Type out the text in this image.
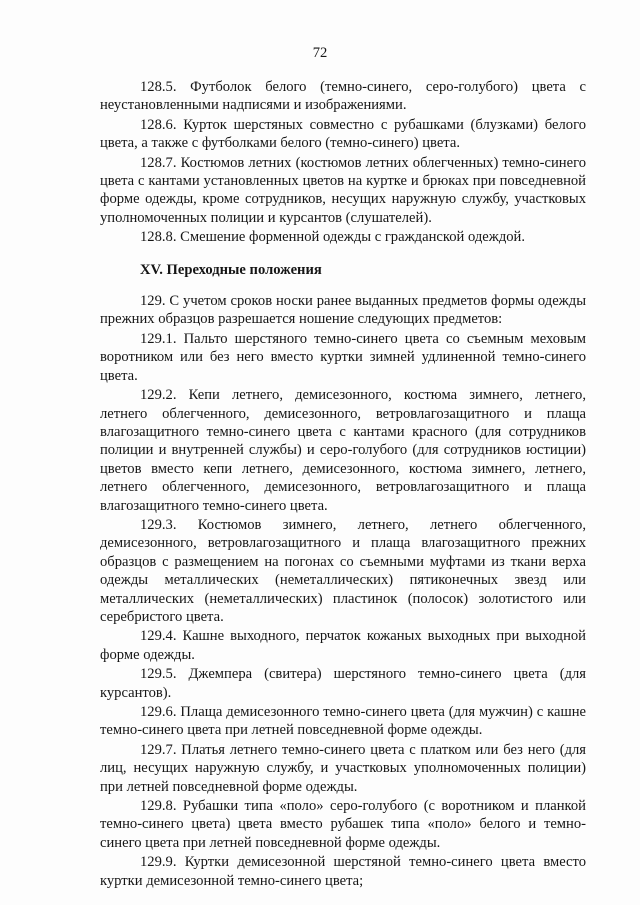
72

128.5. Футболок белого (темно-синего, серо-голубого) цвета с неустановленными надписями и изображениями.

128.6. Курток шерстяных совместно с рубашками (блузками) белого цвета, а также с футболками белого (темно-синего) цвета.

128.7. Костюмов летних (костюмов летних облегченных) темно-синего цвета с кантами установленных цветов на куртке и брюках при повседневной форме одежды, кроме сотрудников, несущих наружную службу, участковых уполномоченных полиции и курсантов (слушателей).

128.8. Смешение форменной одежды с гражданской одеждой.

XV. Переходные положения

129. С учетом сроков носки ранее выданных предметов формы одежды прежних образцов разрешается ношение следующих предметов:

129.1. Пальто шерстяного темно-синего цвета со съемным меховым воротником или без него вместо куртки зимней удлиненной темно-синего цвета.

129.2. Кепи летнего, демисезонного, костюма зимнего, летнего, летнего облегченного, демисезонного, ветровлагозащитного и плаща влагозащитного темно-синего цвета с кантами красного (для сотрудников полиции и внутренней службы) и серо-голубого (для сотрудников юстиции) цветов вместо кепи летнего, демисезонного, костюма зимнего, летнего, летнего облегченного, демисезонного, ветровлагозащитного и плаща влагозащитного темно-синего цвета.

129.3. Костюмов зимнего, летнего, летнего облегченного, демисезонного, ветровлагозащитного и плаща влагозащитного прежних образцов с размещением на погонах со съемными муфтами из ткани верха одежды металлических (неметаллических) пятиконечных звезд или металлических (неметаллических) пластинок (полосок) золотистого или серебристого цвета.

129.4. Кашне выходного, перчаток кожаных выходных при выходной форме одежды.

129.5. Джемпера (свитера) шерстяного темно-синего цвета (для курсантов).

129.6. Плаща демисезонного темно-синего цвета (для мужчин) с кашне темно-синего цвета при летней повседневной форме одежды.

129.7. Платья летнего темно-синего цвета с платком или без него (для лиц, несущих наружную службу, и участковых уполномоченных полиции) при летней повседневной форме одежды.

129.8. Рубашки типа «поло» серо-голубого (с воротником и планкой темно-синего цвета) цвета вместо рубашек типа «поло» белого и темно-синего цвета при летней повседневной форме одежды.

129.9. Куртки демисезонной шерстяной темно-синего цвета вместо куртки демисезонной темно-синего цвета;
